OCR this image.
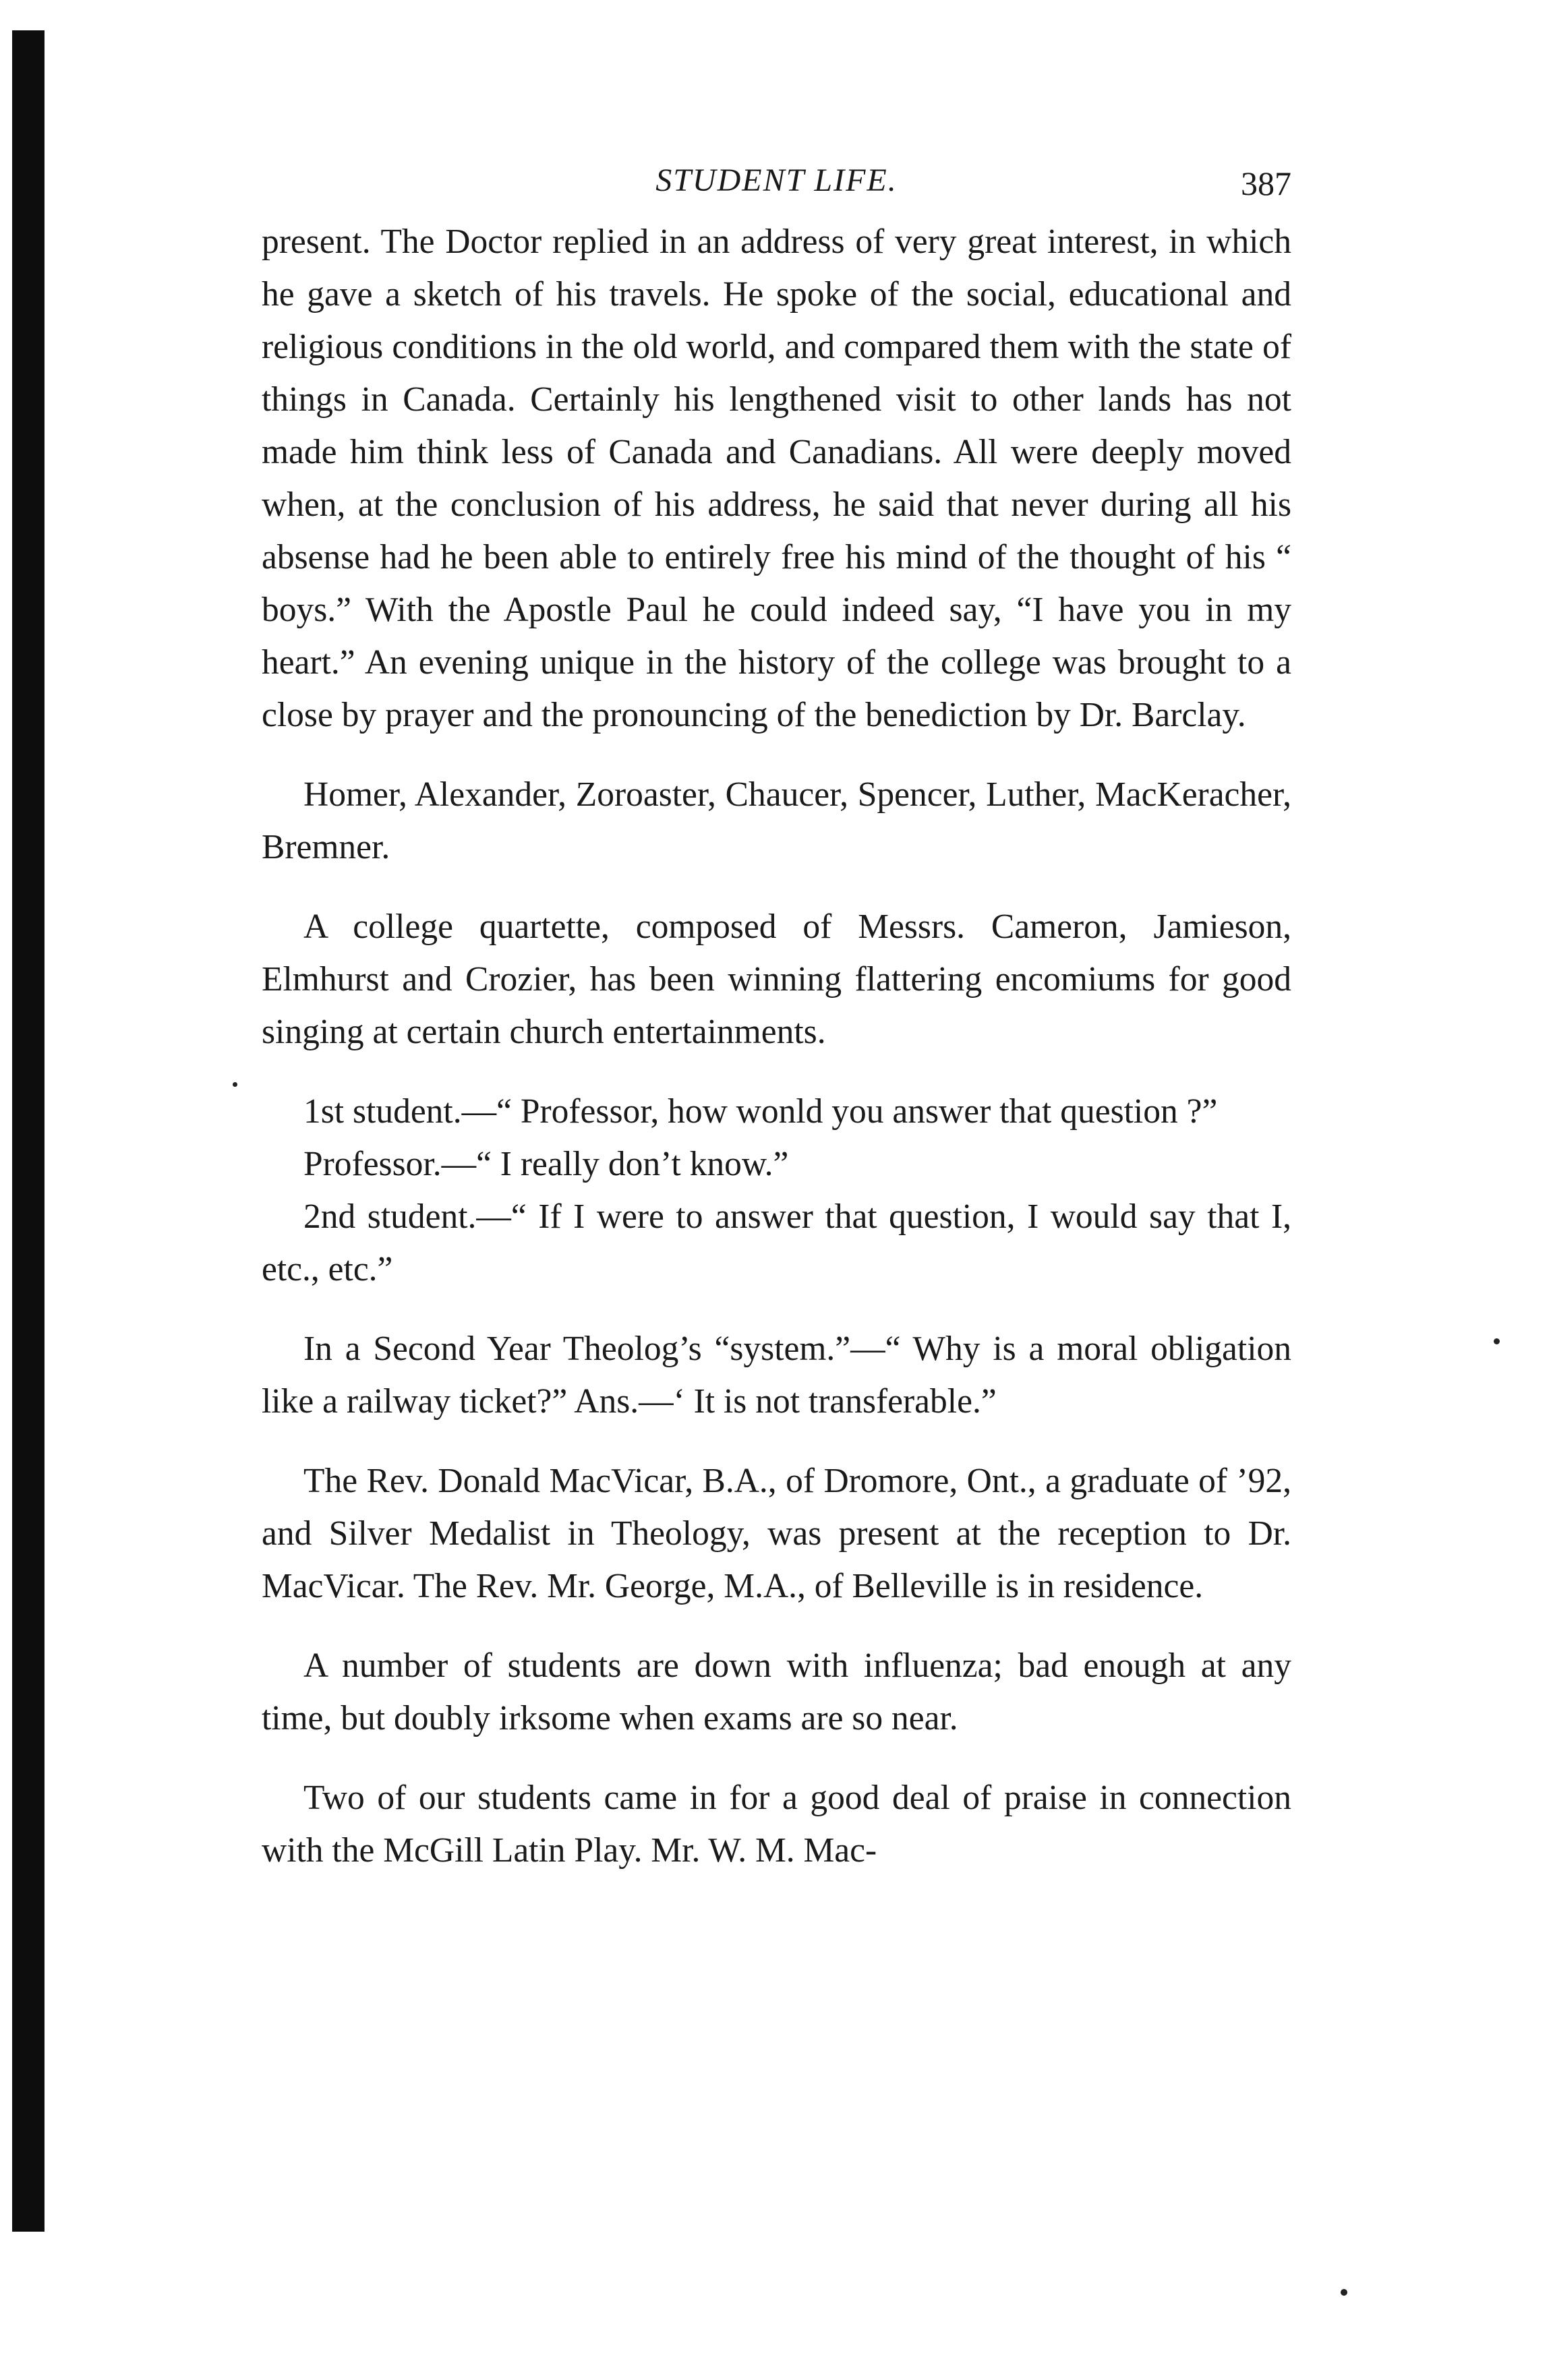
STUDENT LIFE.	387

present. The Doctor replied in an address of very great interest, in which he gave a sketch of his travels. He spoke of the social, educational and religious conditions in the old world, and compared them with the state of things in Canada. Certainly his lengthened visit to other lands has not made him think less of Canada and Canadians. All were deeply moved when, at the conclusion of his address, he said that never during all his absense had he been able to entirely free his mind of the thought of his “ boys.” With the Apostle Paul he could indeed say, “I have you in my heart.” An evening unique in the history of the college was brought to a close by prayer and the pronouncing of the benediction by Dr. Barclay.

Homer, Alexander, Zoroaster, Chaucer, Spencer, Luther, MacKeracher, Bremner.

A college quartette, composed of Messrs. Cameron, Jamieson, Elmhurst and Crozier, has been winning flattering encomiums for good singing at certain church entertainments.

1st student.—“ Professor, how wonld you answer that question ?”

Professor.—“ I really don’t know.”

2nd student.—“ If I were to answer that question, I would say that I, etc., etc.”

In a Second Year Theolog’s “system.”—“ Why is a moral obligation like a railway ticket?” Ans.—‘ It is not transferable.”

The Rev. Donald MacVicar, B.A., of Dromore, Ont., a graduate of ’92, and Silver Medalist in Theology, was present at the reception to Dr. MacVicar. The Rev. Mr. George, M.A., of Belleville is in residence.

A number of students are down with influenza; bad enough at any time, but doubly irksome when exams are so near.

Two of our students came in for a good deal of praise in connection with the McGill Latin Play. Mr. W. M. Mac-
